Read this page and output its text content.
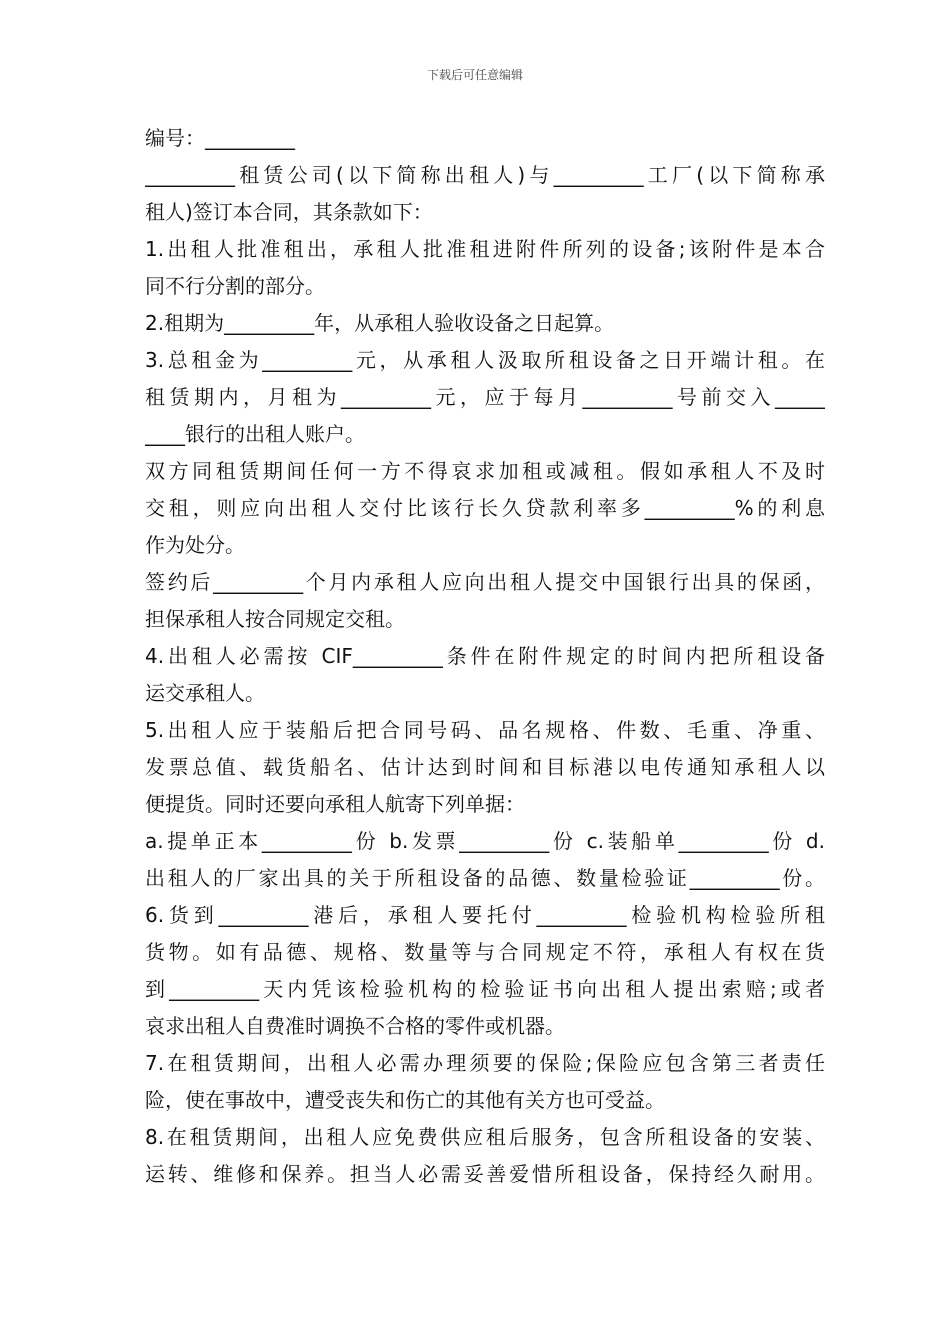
下载后可任意编辑
编号：_________
_________租赁公司(以下简称出租人)与_________工厂(以下简称承
租人)签订本合同，其条款如下：
1.出租人批准租出，承租人批准租进附件所列的设备;该附件是本合
同不行分割的部分。
2.租期为_________年，从承租人验收设备之日起算。
3.总租金为_________元，从承租人汲取所租设备之日开端计租。在
租赁期内，月租为_________元，应于每月_________号前交入_____
____银行的出租人账户。
双方同租赁期间任何一方不得哀求加租或减租。假如承租人不及时
交租，则应向出租人交付比该行长久贷款利率多_________%的利息
作为处分。
签约后_________个月内承租人应向出租人提交中国银行出具的保函，
担保承租人按合同规定交租。
4.出租人必需按 CIF_________条件在附件规定的时间内把所租设备
运交承租人。
5.出租人应于装船后把合同号码、品名规格、件数、毛重、净重、
发票总值、载货船名、估计达到时间和目标港以电传通知承租人以
便提货。同时还要向承租人航寄下列单据：
a.提单正本_________份 b.发票_________份 c.装船单_________份 d.
出租人的厂家出具的关于所租设备的品德、数量检验证_________份。
6.货到_________港后，承租人要托付_________检验机构检验所租
货物。如有品德、规格、数量等与合同规定不符，承租人有权在货
到_________天内凭该检验机构的检验证书向出租人提出索赔;或者
哀求出租人自费准时调换不合格的零件或机器。
7.在租赁期间，出租人必需办理须要的保险;保险应包含第三者责任
险，使在事故中，遭受丧失和伤亡的其他有关方也可受益。
8.在租赁期间，出租人应免费供应租后服务，包含所租设备的安装、
运转、维修和保养。担当人必需妥善爱惜所租设备，保持经久耐用。
